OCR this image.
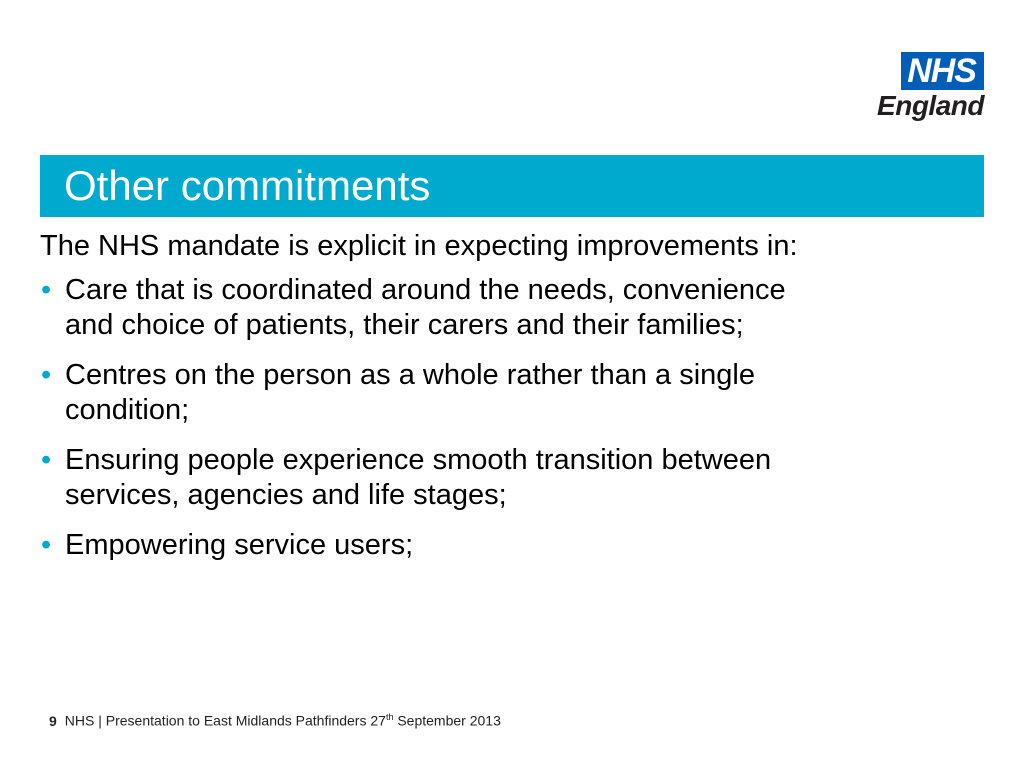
NHS
England
Other commitments

The NHS mandate is explicit in expecting improvements in:

• Care that is coordinated around the needs, convenience and choice of patients, their carers and their families;
• Centres on the person as a whole rather than a single condition;
• Ensuring people experience smooth transition between services, agencies and life stages;
• Empowering service users;
9 NHS | Presentation to East Midlands Pathfinders 27th September 2013
